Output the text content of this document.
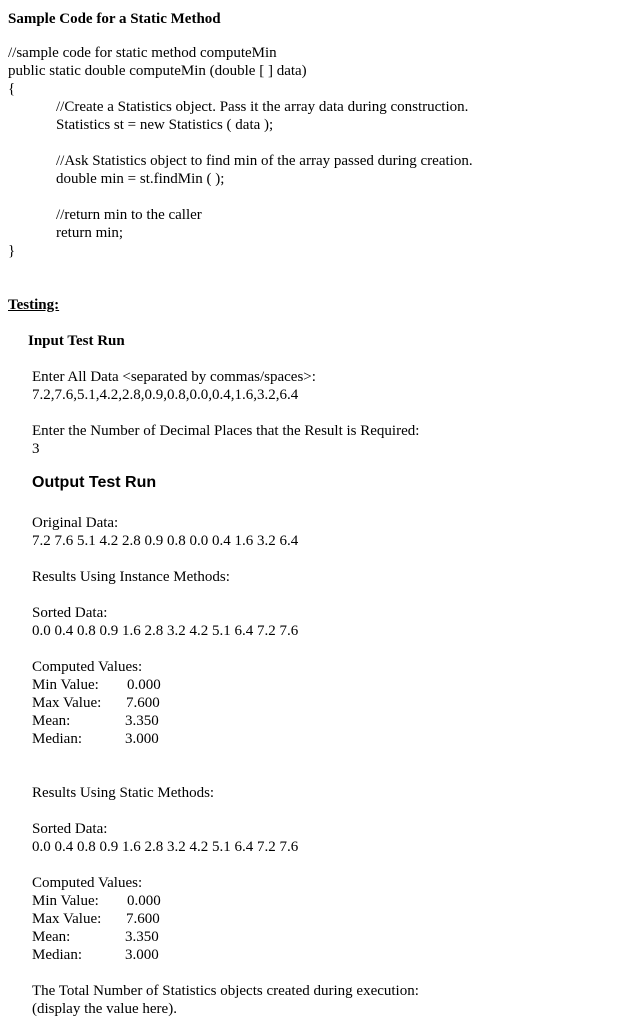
Sample Code for a Static Method
//sample code for static method computeMin
public static double computeMin (double [ ] data)
{
//Create a Statistics object. Pass it the array data during construction.
Statistics st = new Statistics ( data );
//Ask Statistics object to find min of the array passed during creation.
double min = st.findMin ( );
//return min to the caller
return min;
}
Testing:
Input Test Run
Enter All Data <separated by commas/spaces>:
7.2,7.6,5.1,4.2,2.8,0.9,0.8,0.0,0.4,1.6,3.2,6.4
Enter the Number of Decimal Places that the Result is Required:
3
Output Test Run
Original Data:
7.2 7.6 5.1 4.2 2.8 0.9 0.8 0.0 0.4 1.6 3.2 6.4
Results Using Instance Methods:
Sorted Data:
0.0 0.4 0.8 0.9 1.6 2.8 3.2 4.2 5.1 6.4 7.2 7.6
Computed Values:
Min Value: 0.000
Max Value: 7.600
Mean:	3.350
Median:	3.000
Results Using Static Methods:
Sorted Data:
0.0 0.4 0.8 0.9 1.6 2.8 3.2 4.2 5.1 6.4 7.2 7.6
Computed Values:
Min Value: 0.000
Max Value: 7.600
Mean:	3.350
Median:	3.000
The Total Number of Statistics objects created during execution:
(display the value here).
